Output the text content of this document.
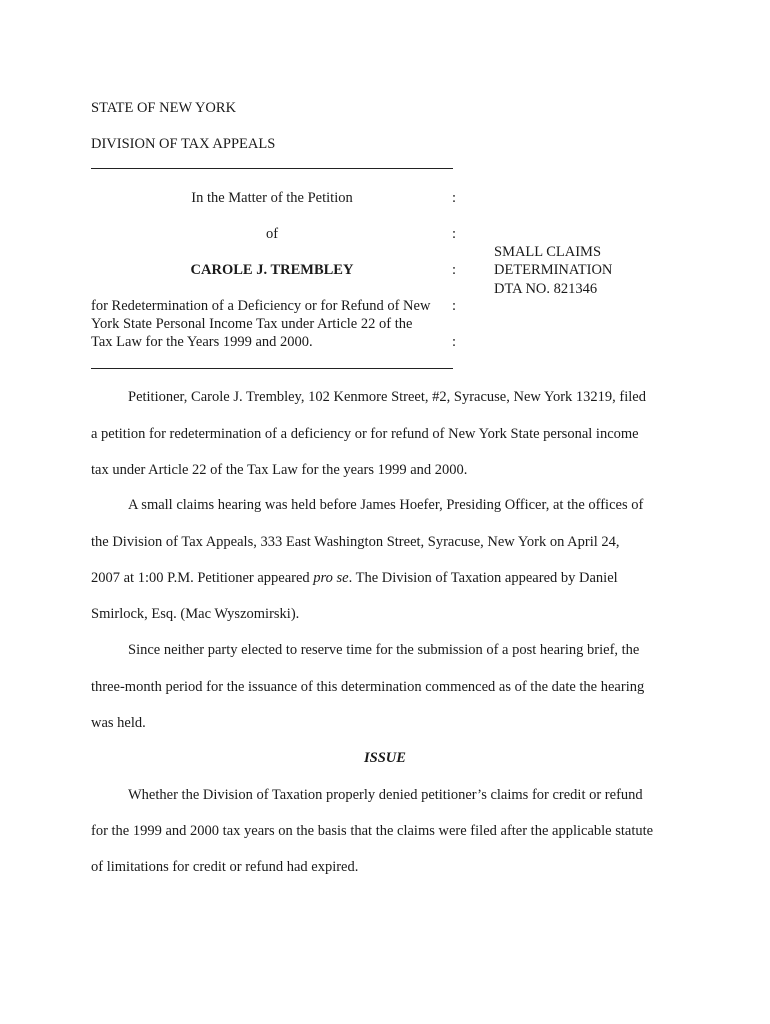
STATE OF NEW YORK
DIVISION OF TAX APPEALS
In the Matter of the Petition	:
of	:
CAROLE J. TREMBLEY	:
for Redetermination of a Deficiency or for Refund of New :
York State Personal Income Tax under Article 22 of the
Tax Law for the Years 1999 and 2000.	:
SMALL CLAIMS
DETERMINATION
DTA NO. 821346
Petitioner, Carole J. Trembley, 102 Kenmore Street, #2, Syracuse, New York 13219, filed
a petition for redetermination of a deficiency or for refund of New York State personal income
tax under Article 22 of the Tax Law for the years 1999 and 2000.
A small claims hearing was held before James Hoefer, Presiding Officer, at the offices of
the Division of Tax Appeals, 333 East Washington Street, Syracuse, New York on April 24,
2007 at 1:00 P.M. Petitioner appeared pro se. The Division of Taxation appeared by Daniel
Smirlock, Esq. (Mac Wyszomirski).
Since neither party elected to reserve time for the submission of a post hearing brief, the
three-month period for the issuance of this determination commenced as of the date the hearing
was held.
ISSUE
Whether the Division of Taxation properly denied petitioner’s claims for credit or refund
for the 1999 and 2000 tax years on the basis that the claims were filed after the applicable statute
of limitations for credit or refund had expired.
